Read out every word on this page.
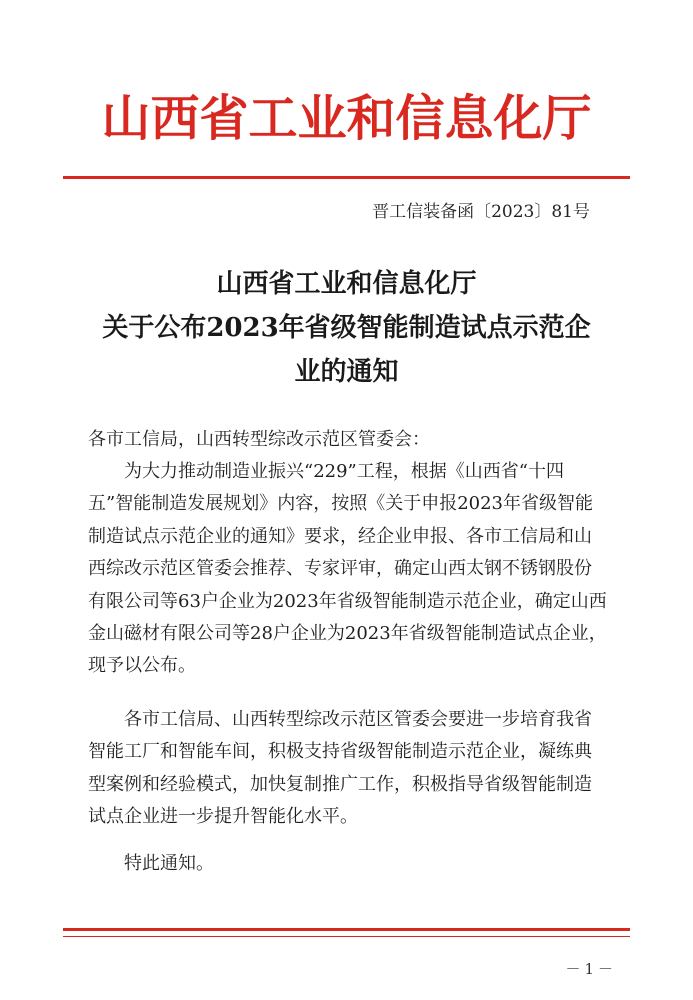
山西省工业和信息化厅
晋工信装备函〔2023〕81号
山西省工业和信息化厅
关于公布2023年省级智能制造试点示范企
业的通知
各市工信局，山西转型综改示范区管委会：

为大力推动制造业振兴“229”工程，根据《山西省“十四五”智能制造发展规划》内容，按照《关于申报2023年省级智能制造试点示范企业的通知》要求，经企业申报、各市工信局和山西综改示范区管委会推荐、专家评审，确定山西太钢不锈钢股份有限公司等63户企业为2023年省级智能制造示范企业，确定山西金山磁材有限公司等28户企业为2023年省级智能制造试点企业，现予以公布。

各市工信局、山西转型综改示范区管委会要进一步培育我省智能工厂和智能车间，积极支持省级智能制造示范企业，凝练典型案例和经验模式，加快复制推广工作，积极指导省级智能制造试点企业进一步提升智能化水平。

特此通知。

－1－
